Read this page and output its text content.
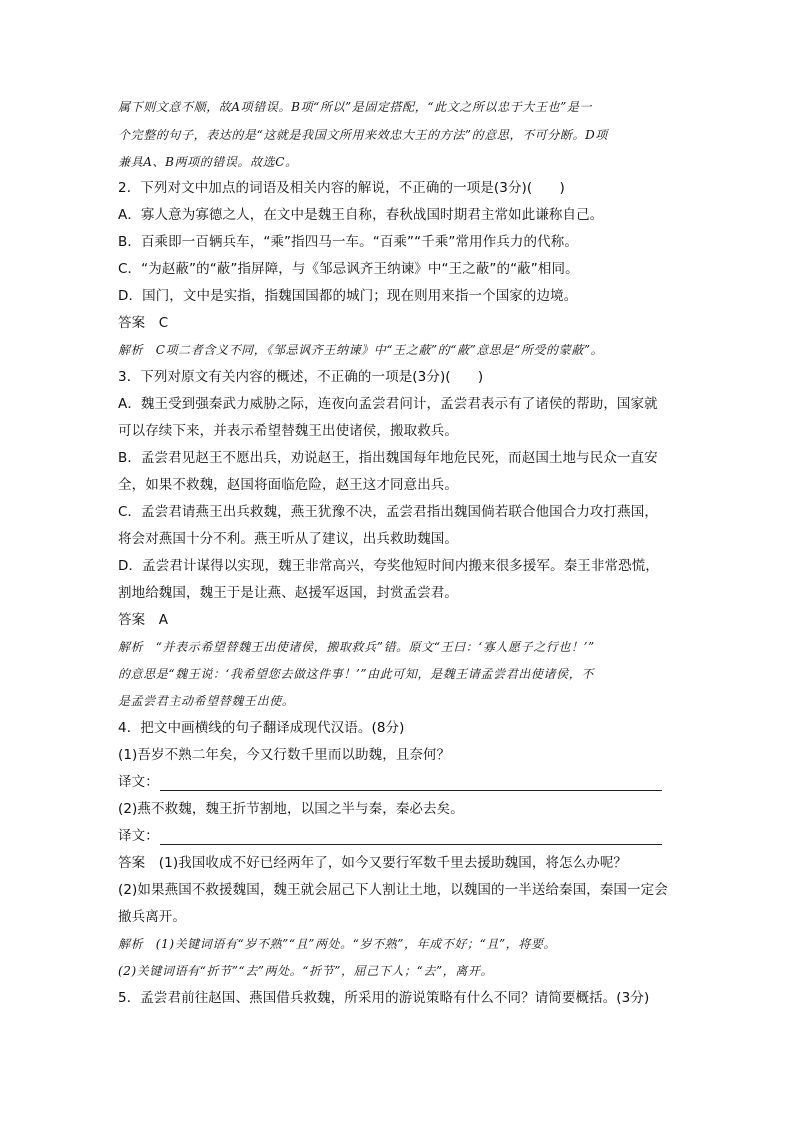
属下则文意不顺，故A项错误。B项“所以”是固定搭配，“此文之所以忠于大王也”是一
个完整的句子，表达的是“这就是我国文所用来效忠大王的方法”的意思，不可分断。D项
兼具A、B两项的错误。故选C。
2．下列对文中加点的词语及相关内容的解说，不正确的一项是(3分)(　　)
A．寡人意为寡德之人，在文中是魏王自称，春秋战国时期君主常如此谦称自己。
B．百乘即一百辆兵车，“乘”指四马一车。“百乘”“千乘”常用作兵力的代称。
C．“为赵蔽”的“蔽”指屏障，与《邹忌讽齐王纳谏》中“王之蔽”的“蔽”相同。
D．国门，文中是实指，指魏国国都的城门；现在则用来指一个国家的边境。
答案　C
解析　C项二者含义不同，《邹忌讽齐王纳谏》中“王之蔽”的“蔽”意思是“所受的蒙蔽”。
3．下列对原文有关内容的概述，不正确的一项是(3分)(　　)
A．魏王受到强秦武力威胁之际，连夜向孟尝君问计，孟尝君表示有了诸侯的帮助，国家就
可以存续下来，并表示希望替魏王出使诸侯，搬取救兵。
B．孟尝君见赵王不愿出兵，劝说赵王，指出魏国每年地危民死，而赵国土地与民众一直安
全，如果不救魏，赵国将面临危险，赵王这才同意出兵。
C．孟尝君请燕王出兵救魏，燕王犹豫不决，孟尝君指出魏国倘若联合他国合力攻打燕国，
将会对燕国十分不利。燕王听从了建议，出兵救助魏国。
D．孟尝君计谋得以实现，魏王非常高兴，夸奖他短时间内搬来很多援军。秦王非常恐慌，
割地给魏国，魏王于是让燕、赵援军返国，封赏孟尝君。
答案　A
解析　“并表示希望替魏王出使诸侯，搬取救兵”错。原文“王曰：‘寡人愿子之行也！’”
的意思是“魏王说：‘我希望您去做这件事！’”由此可知，是魏王请孟尝君出使诸侯，不
是孟尝君主动希望替魏王出使。
4．把文中画横线的句子翻译成现代汉语。(8分)
(1)吾岁不熟二年矣，今又行数千里而以助魏，且奈何？
译文：
(2)燕不救魏，魏王折节割地，以国之半与秦，秦必去矣。
译文：
答案　(1)我国收成不好已经两年了，如今又要行军数千里去援助魏国，将怎么办呢？
(2)如果燕国不救援魏国，魏王就会屈己下人割让土地，以魏国的一半送给秦国，秦国一定会
撤兵离开。
解析　(1)关键词语有“岁不熟”“且”两处。“岁不熟”，年成不好；“且”，将要。
(2)关键词语有“折节”“去”两处。“折节”，屈己下人；“去”，离开。
5．孟尝君前往赵国、燕国借兵救魏，所采用的游说策略有什么不同？请简要概括。(3分)
